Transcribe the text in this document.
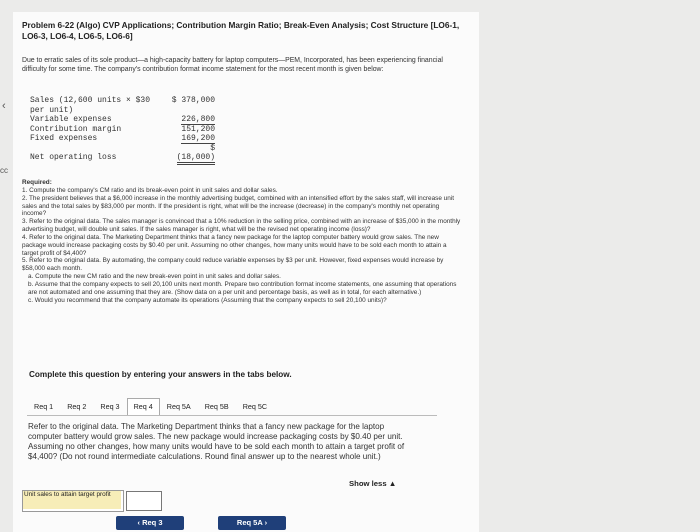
‹
cc
Problem 6-22 (Algo) CVP Applications; Contribution Margin Ratio; Break-Even Analysis; Cost Structure [LO6-1, LO6-3, LO6-4, LO6-5, LO6-6]
Due to erratic sales of its sole product—a high-capacity battery for laptop computers—PEM, Incorporated, has been experiencing financial difficulty for some time. The company's contribution format income statement for the most recent month is given below:
Sales (12,600 units × $30	$ 378,000
per unit)
Variable expenses	226,800
Contribution margin	151,200
Fixed expenses	169,200
$
Net operating loss	(18,000)
Required:
1. Compute the company's CM ratio and its break-even point in unit sales and dollar sales.
2. The president believes that a $6,000 increase in the monthly advertising budget, combined with an intensified effort by the sales staff, will increase unit sales and the total sales by $83,000 per month. If the president is right, what will be the increase (decrease) in the company's monthly net operating income?
3. Refer to the original data. The sales manager is convinced that a 10% reduction in the selling price, combined with an increase of $35,000 in the monthly advertising budget, will double unit sales. If the sales manager is right, what will be the revised net operating income (loss)?
4. Refer to the original data. The Marketing Department thinks that a fancy new package for the laptop computer battery would grow sales. The new package would increase packaging costs by $0.40 per unit. Assuming no other changes, how many units would have to be sold each month to attain a target profit of $4,400?
5. Refer to the original data. By automating, the company could reduce variable expenses by $3 per unit. However, fixed expenses would increase by $58,000 each month.
a. Compute the new CM ratio and the new break-even point in unit sales and dollar sales.
b. Assume that the company expects to sell 20,100 units next month. Prepare two contribution format income statements, one assuming that operations are not automated and one assuming that they are. (Show data on a per unit and percentage basis, as well as in total, for each alternative.)
c. Would you recommend that the company automate its operations (Assuming that the company expects to sell 20,100 units)?
Complete this question by entering your answers in the tabs below.
Req 1	Req 2	Req 3	Req 4	Req 5A	Req 5B	Req 5C
Refer to the original data. The Marketing Department thinks that a fancy new package for the laptop computer battery would grow sales. The new package would increase packaging costs by $0.40 per unit. Assuming no other changes, how many units would have to be sold each month to attain a target profit of $4,400? (Do not round intermediate calculations. Round final answer up to the nearest whole unit.)
Show less ▲
Unit sales to attain target profit
‹ Req 3	Req 5A ›
